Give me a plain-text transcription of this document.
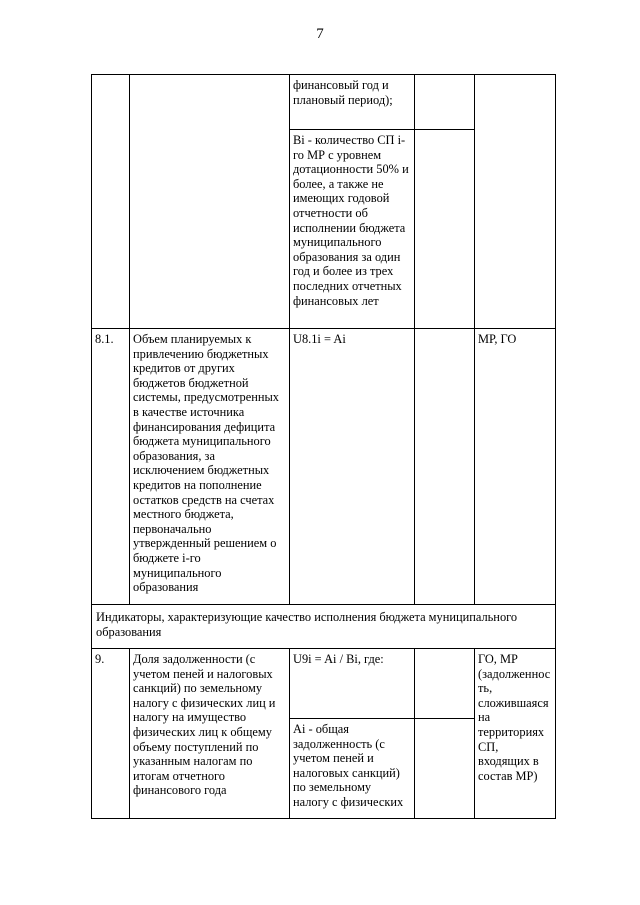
7
		финансовый год и плановый период);		
		Bi - количество СП i-го МР с уровнем дотационности 50% и более, а также не имеющих годовой отчетности об исполнении бюджета муниципального образования за один год и более из трех последних отчетных финансовых лет		
8.1.	Объем планируемых к привлечению бюджетных кредитов от других бюджетов бюджетной системы, предусмотренных в качестве источника финансирования дефицита бюджета муниципального образования, за исключением бюджетных кредитов на пополнение остатков средств на счетах местного бюджета, первоначально утвержденный решением о бюджете i-го муниципального образования	U8.1i = Ai		МР, ГО
Индикаторы, характеризующие качество исполнения бюджета муниципального образования				
9.	Доля задолженности (с учетом пеней и налоговых санкций) по земельному налогу с физических лиц и налогу на имущество физических лиц к общему объему поступлений по указанным налогам по итогам отчетного финансового года	U9i = Ai / Bi, где:		ГО, МР (задолженность, сложившаяся на территориях СП, входящих в состав МР)
		Ai - общая задолженность (с учетом пеней и налоговых санкций) по земельному налогу с физических		
